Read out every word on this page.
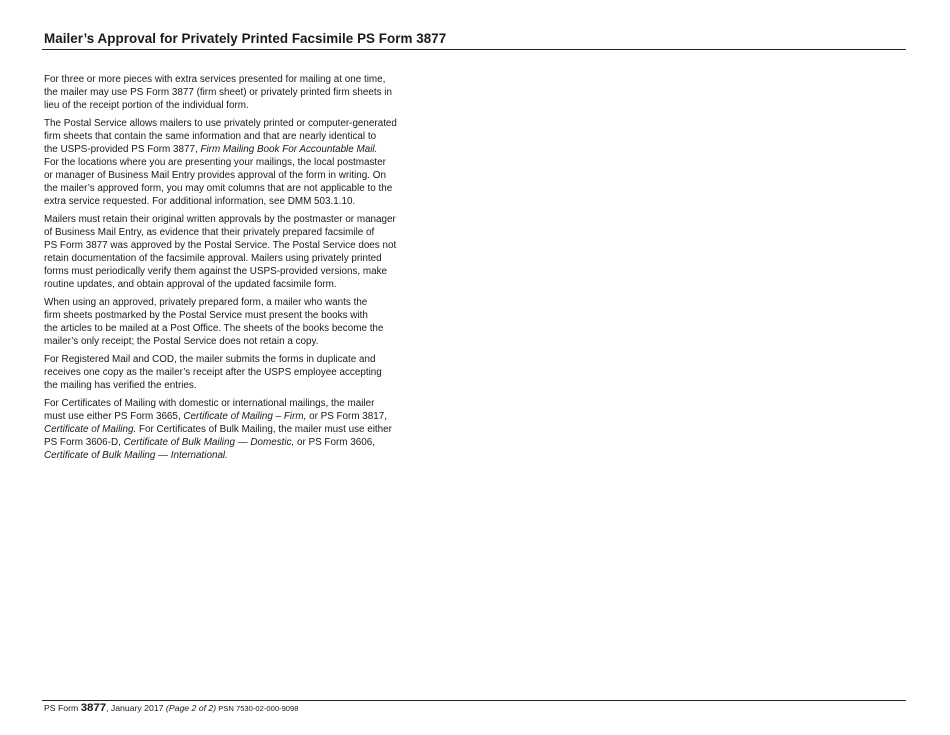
Mailer’s Approval for Privately Printed Facsimile PS Form 3877

For three or more pieces with extra services presented for mailing at one time,
the mailer may use PS Form 3877 (firm sheet) or privately printed firm sheets in
lieu of the receipt portion of the individual form.

The Postal Service allows mailers to use privately printed or computer-generated
firm sheets that contain the same information and that are nearly identical to
the USPS-provided PS Form 3877, Firm Mailing Book For Accountable Mail.
For the locations where you are presenting your mailings, the local postmaster
or manager of Business Mail Entry provides approval of the form in writing. On
the mailer’s approved form, you may omit columns that are not applicable to the
extra service requested. For additional information, see DMM 503.1.10.

Mailers must retain their original written approvals by the postmaster or manager
of Business Mail Entry, as evidence that their privately prepared facsimile of
PS Form 3877 was approved by the Postal Service. The Postal Service does not
retain documentation of the facsimile approval. Mailers using privately printed
forms must periodically verify them against the USPS-provided versions, make
routine updates, and obtain approval of the updated facsimile form.

When using an approved, privately prepared form, a mailer who wants the
firm sheets postmarked by the Postal Service must present the books with
the articles to be mailed at a Post Office. The sheets of the books become the
mailer’s only receipt; the Postal Service does not retain a copy.

For Registered Mail and COD, the mailer submits the forms in duplicate and
receives one copy as the mailer’s receipt after the USPS employee accepting
the mailing has verified the entries.

For Certificates of Mailing with domestic or international mailings, the mailer
must use either PS Form 3665, Certificate of Mailing – Firm, or PS Form 3817,
Certificate of Mailing. For Certificates of Bulk Mailing, the mailer must use either
PS Form 3606-D, Certificate of Bulk Mailing — Domestic, or PS Form 3606,
Certificate of Bulk Mailing — International.

PS Form 3877, January 2017 (Page 2 of 2) PSN 7530-02-000-9098
